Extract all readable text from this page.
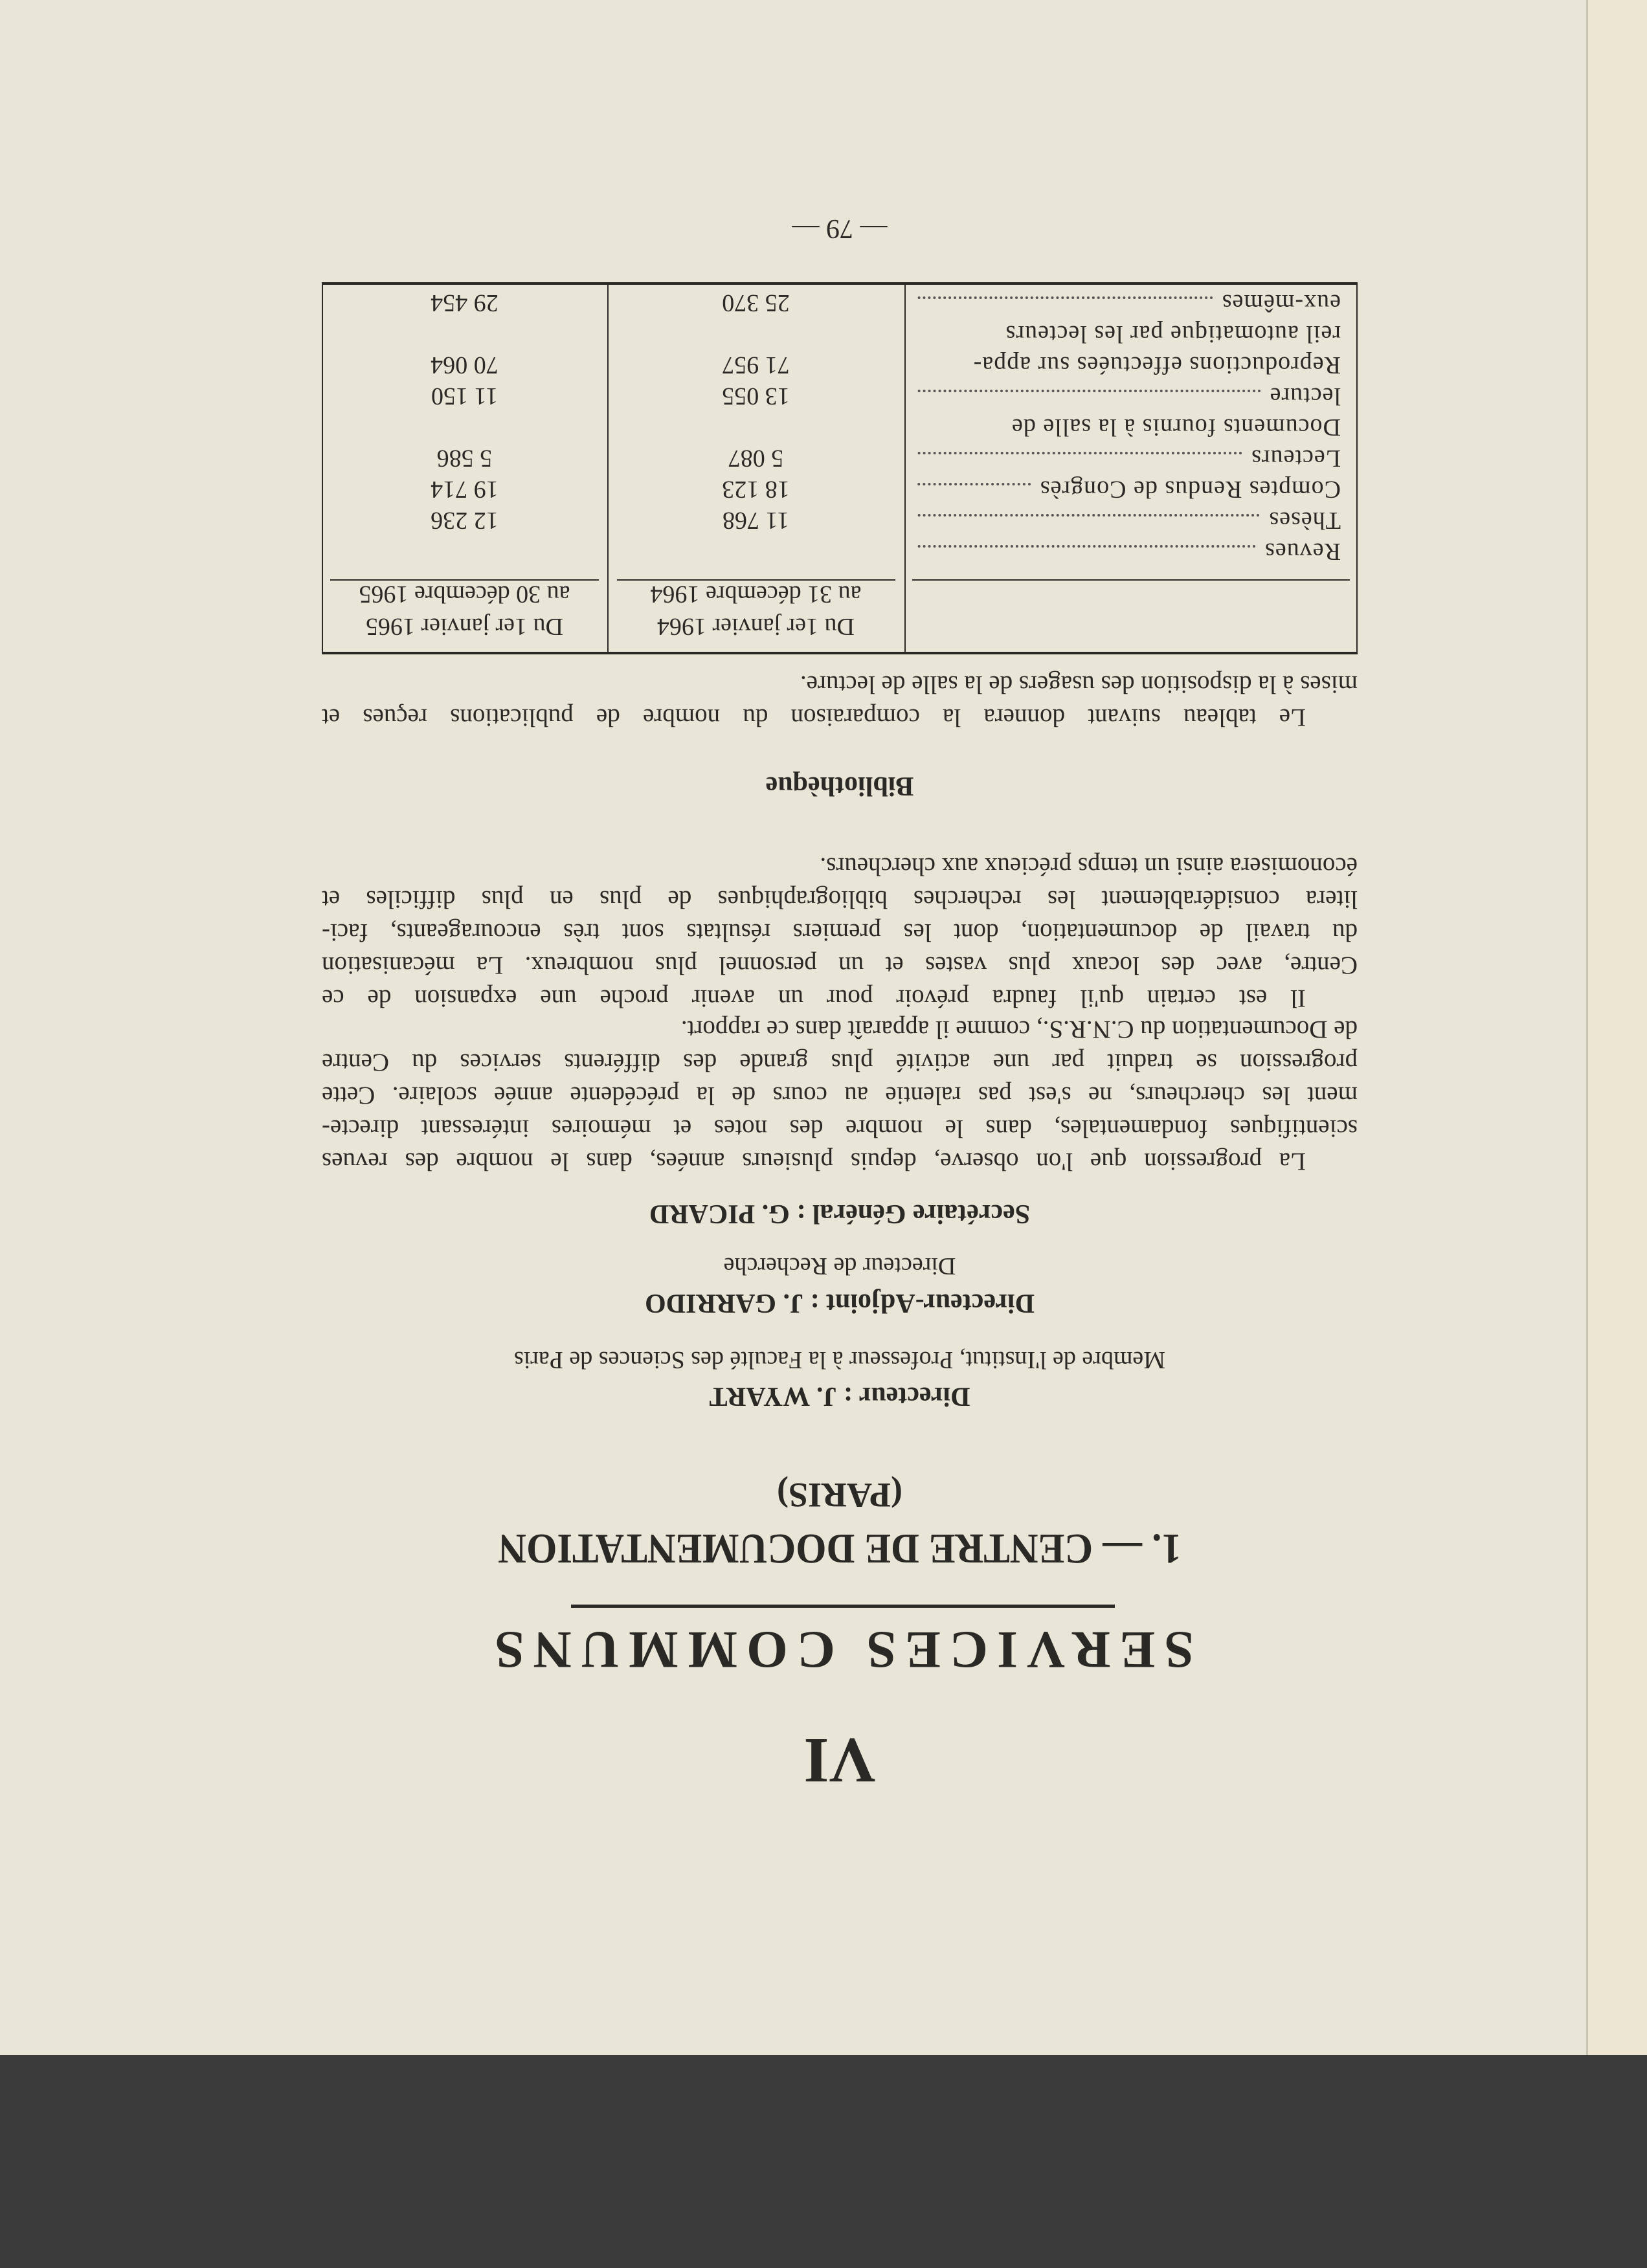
VI
SERVICES COMMUNS
1. — CENTRE DE DOCUMENTATION
(PARIS)
Directeur : J. WYART
Membre de l'Institut, Professeur à la Faculté des Sciences de Paris
Directeur-Adjoint : J. GARRIDO
Directeur de Recherche
Secrétaire Général : G. PICARD
La progression que l'on observe, depuis plusieurs années, dans le nombre des revues
scientifiques fondamentales, dans le nombre des notes et mémoires intéressant directe-
ment les chercheurs, ne s'est pas ralentie au cours de la précédente année scolaire. Cette
progression se traduit par une activité plus grande des différents services du Centre
de Documentation du C.N.R.S., comme il apparaît dans ce rapport.
Il est certain qu'il faudra prévoir pour un avenir proche une expansion de ce
Centre, avec des locaux plus vastes et un personnel plus nombreux. La mécanisation
du travail de documentation, dont les premiers résultats sont très encourageants, faci-
litera considérablement les recherches bibliographiques de plus en plus difficiles et
économisera ainsi un temps précieux aux chercheurs.
Bibliothèque
Le tableau suivant donnera la comparaison du nombre de publications reçues et
mises à la disposition des usagers de la salle de lecture.
Du 1er janvier 1964
au 31 décembre 1964
Du 1er janvier 1965
au 30 décembre 1965
Revues
Thèses
11 768
12 236
Comptes Rendus de Congrès
18 123
19 714
Lecteurs
5 087
5 586
Documents fournis à la salle de
lecture
13 055
11 150
Reproductions effectuées sur appa-
71 957
70 064
reil automatique par les lecteurs
eux-mêmes
25 370
29 454
— 79 —
